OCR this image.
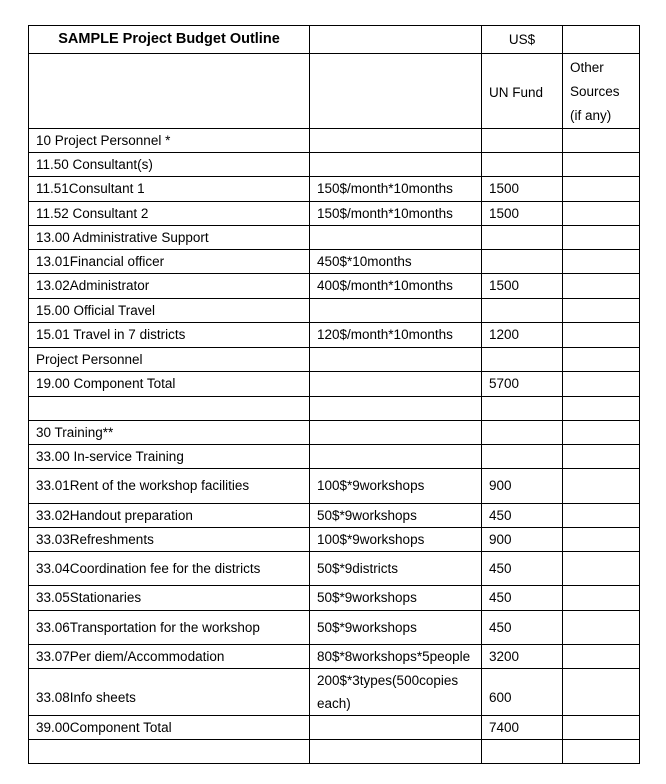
SAMPLE Project Budget Outline		US$	
		UN Fund	Other
Sources
(if any)

10 Project Personnel *			
11.50 Consultant(s)			
11.51Consultant 1	150$/month*10months	1500	
11.52 Consultant 2	150$/month*10months	1500	
13.00 Administrative Support			
13.01Financial officer	450$*10months		
13.02Administrator	400$/month*10months	1500	
15.00 Official Travel			
15.01 Travel in 7 districts	120$/month*10months	1200	
Project Personnel			
19.00 Component Total		5700	

30 Training**			
33.00 In-service Training			
33.01Rent of the workshop facilities	100$*9workshops	900	
33.02Handout preparation	50$*9workshops	450	
33.03Refreshments	100$*9workshops	900	
33.04Coordination fee for the districts	50$*9districts	450	
33.05Stationaries	50$*9workshops	450	
33.06Transportation for the workshop	50$*9workshops	450	
33.07Per diem/Accommodation	80$*8workshops*5people	3200	
33.08Info sheets	200$*3types(500copies each)	600	
39.00Component Total		7400	
